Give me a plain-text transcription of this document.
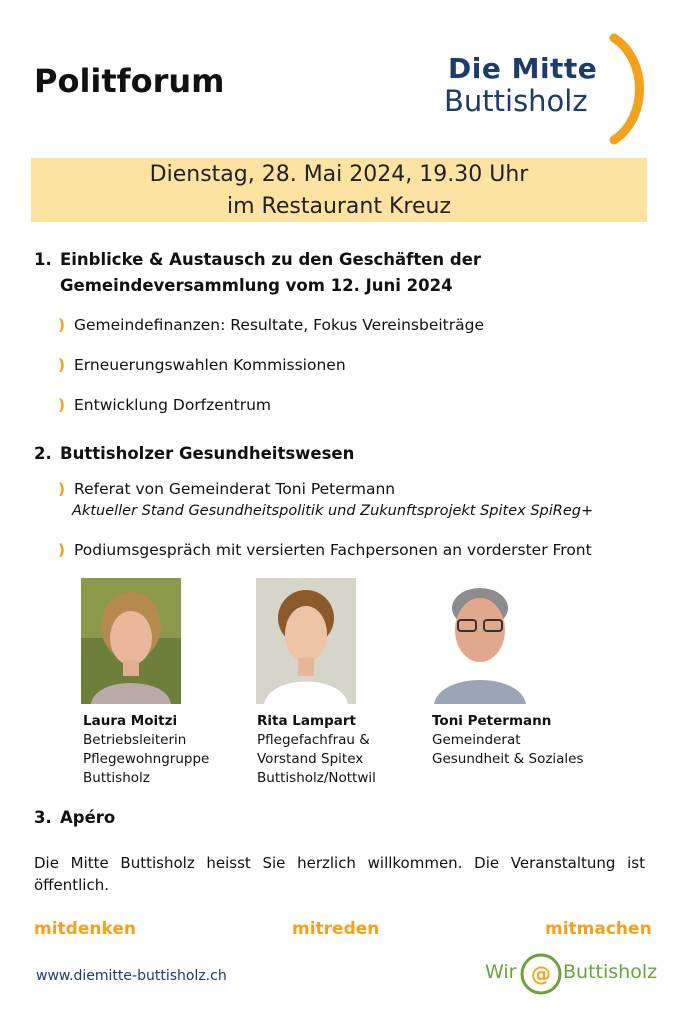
Politforum	Die Mitte
Buttisholz
Dienstag, 28. Mai 2024, 19.30 Uhr
im Restaurant Kreuz
1. Einblicke & Austausch zu den Geschäften der
Gemeindeversammlung vom 12. Juni 2024
) Gemeindefinanzen: Resultate, Fokus Vereinsbeiträge
) Erneuerungswahlen Kommissionen
) Entwicklung Dorfzentrum
2. Buttisholzer Gesundheitswesen
) Referat von Gemeinderat Toni Petermann
Aktueller Stand Gesundheitspolitik und Zukunftsprojekt Spitex SpiReg+
) Podiumsgespräch mit versierten Fachpersonen an vorderster Front
Laura Moitzi
Betriebsleiterin
Pflegewohngruppe
Buttisholz
Rita Lampart
Pflegefachfrau &
Vorstand Spitex
Buttisholz/Nottwil
Toni Petermann
Gemeinderat
Gesundheit & Soziales
3. Apéro
Die Mitte Buttisholz heisst Sie herzlich willkommen. Die Veranstaltung ist öffentlich.
mitdenken	mitreden	mitmachen
www.diemitte-buttisholz.ch	Wir @ Buttisholz
